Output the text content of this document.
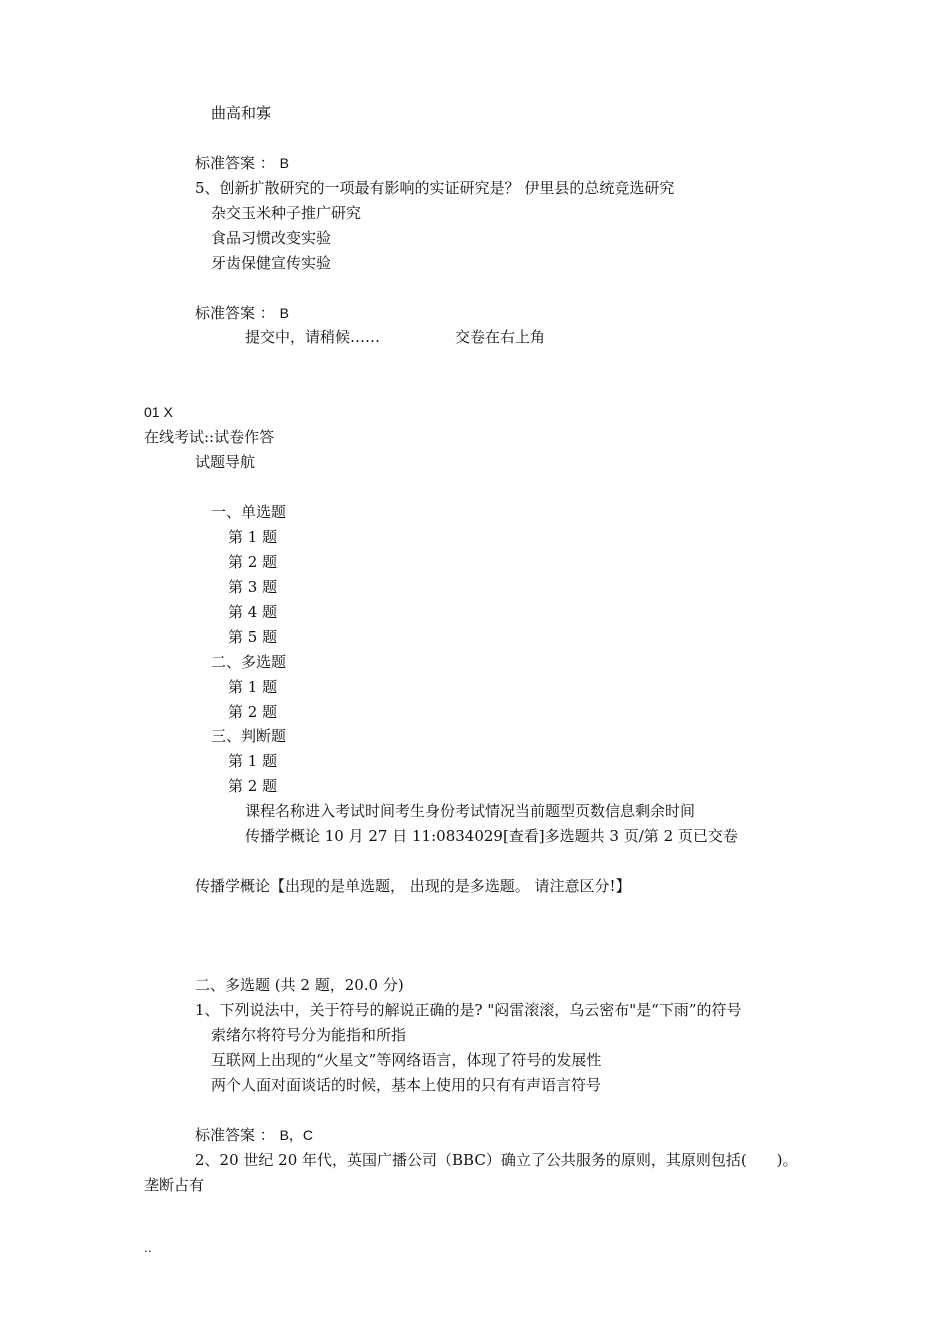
曲高和寡
标准答案 ： B
5、创新扩散研究的一项最有影响的实证研究是？ 伊里县的总统竞选研究
杂交玉米种子推广研究
食品习惯改变实验
牙齿保健宣传实验
标准答案 ： B
提交中，请稍候……	交卷在右上角
01 X
在线考试::试卷作答
试题导航
一、单选题
第 1 题
第 2 题
第 3 题
第 4 题
第 5 题
二、多选题
第 1 题
第 2 题
三、判断题
第 1 题
第 2 题
课程名称进入考试时间考生身份考试情况当前题型页数信息剩余时间
传播学概论 10 月 27 日 11:0834029[查看]多选题共 3 页/第 2 页已交卷
传播学概论【出现的是单选题， 出现的是多选题。 请注意区分!】
二、多选题 (共 2 题，20.0 分)
1、下列说法中，关于符号的解说正确的是? "闷雷滚滚，乌云密布"是“下雨”的符号
索绪尔将符号分为能指和所指
互联网上出现的“火星文”等网络语言，体现了符号的发展性
两个人面对面谈话的时候，基本上使用的只有有声语言符号
标准答案 ： B，C
2、20 世纪 20 年代，英国广播公司（BBC）确立了公共服务的原则，其原则包括(　　)。
垄断占有
..
